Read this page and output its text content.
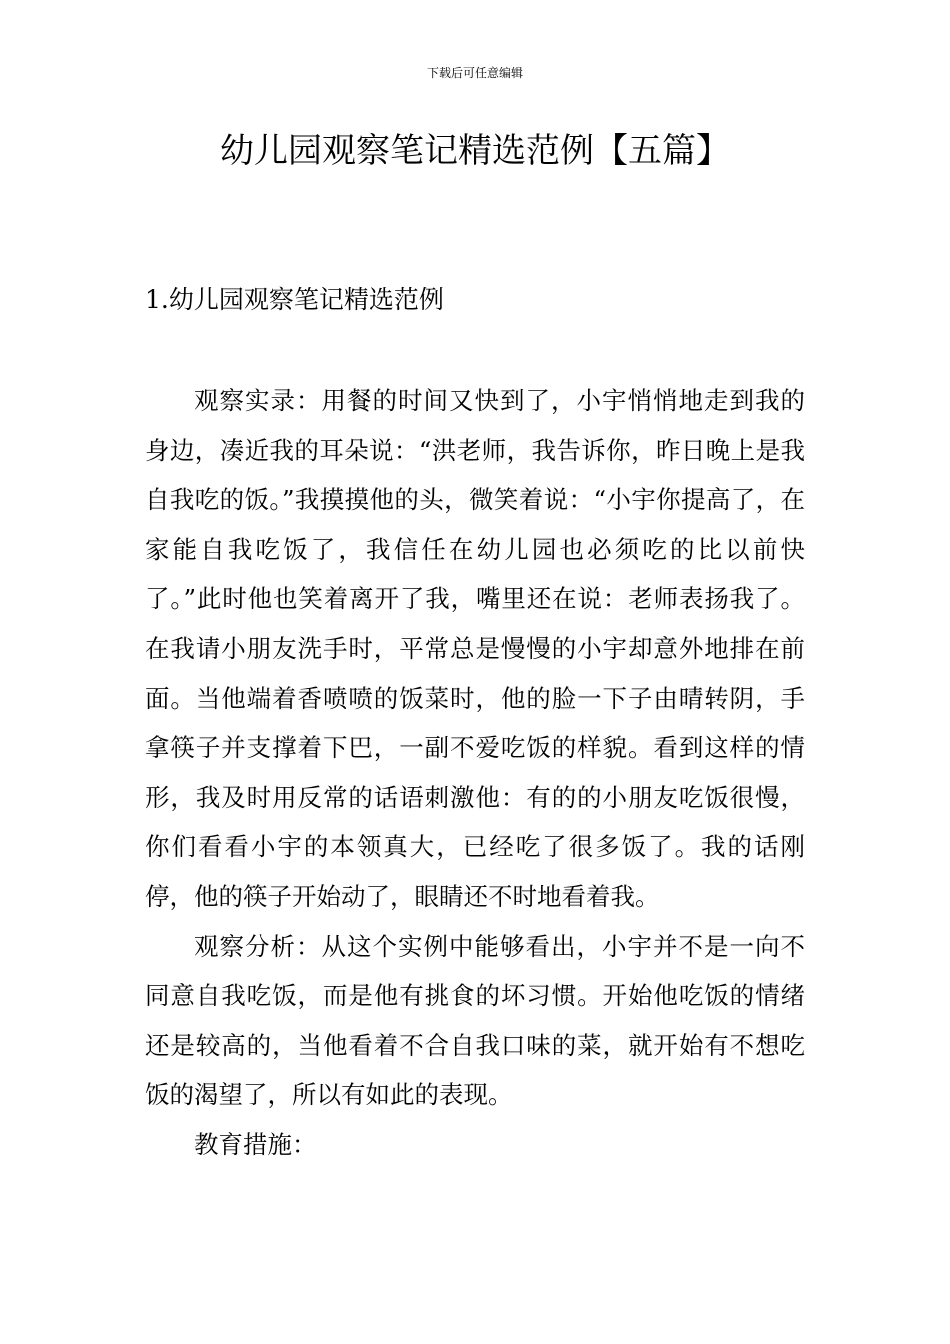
下载后可任意编辑
幼儿园观察笔记精选范例【五篇】
1.幼儿园观察笔记精选范例

观察实录：用餐的时间又快到了，小宇悄悄地走到我的身边，凑近我的耳朵说：“洪老师，我告诉你，昨日晚上是我自我吃的饭。”我摸摸他的头，微笑着说：“小宇你提高了，在家能自我吃饭了，我信任在幼儿园也必须吃的比以前快了。”此时他也笑着离开了我，嘴里还在说：老师表扬我了。在我请小朋友洗手时，平常总是慢慢的小宇却意外地排在前面。当他端着香喷喷的饭菜时，他的脸一下子由晴转阴，手拿筷子并支撑着下巴，一副不爱吃饭的样貌。看到这样的情形，我及时用反常的话语刺激他：有的的小朋友吃饭很慢，你们看看小宇的本领真大，已经吃了很多饭了。我的话刚停，他的筷子开始动了，眼睛还不时地看着我。

观察分析：从这个实例中能够看出，小宇并不是一向不同意自我吃饭，而是他有挑食的坏习惯。开始他吃饭的情绪还是较高的，当他看着不合自我口味的菜，就开始有不想吃饭的渴望了，所以有如此的表现。

教育措施：
